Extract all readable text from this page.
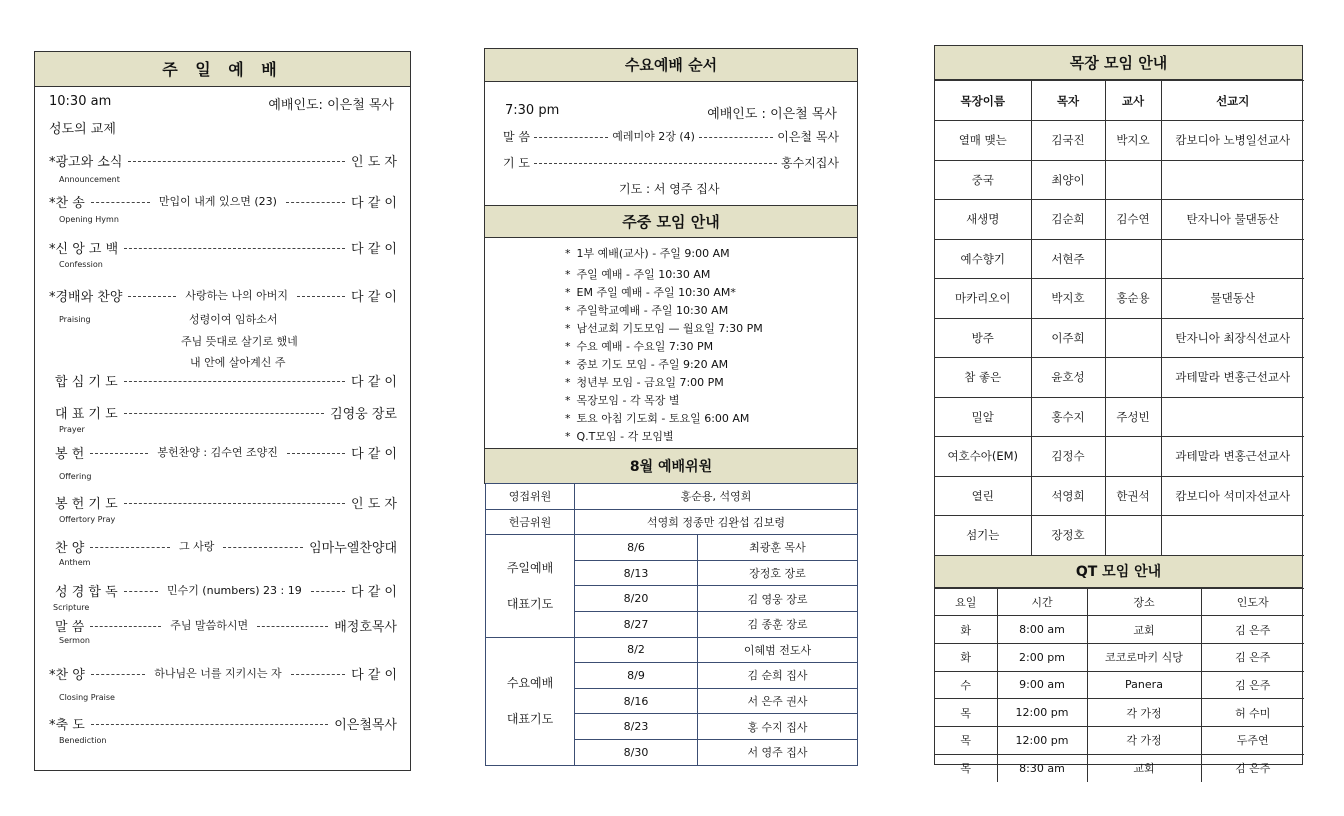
주 일 예 배
10:30 am	예배인도: 이은철 목사
성도의 교제
*광고와 소식	인 도 자
Announcement
*찬 송	만입이 내게 있으면 (23)	다 같 이
Opening Hymn
*신 앙 고 백	다 같 이
Confession
*경배와 찬양	사랑하는 나의 아버지	다 같 이
Praising	성령이여 임하소서
주님 뜻대로 살기로 했네
내 안에 살아계신 주
합 심 기 도	다 같 이
대 표 기 도	김영웅 장로
Prayer
봉 헌	봉헌찬양 : 김수연 조양진	다 같 이
Offering
봉 헌 기 도	인 도 자
Offertory Pray
찬 양	그 사랑	임마누엘찬양대
Anthem
성 경 합 독	민수기 (numbers) 23 : 19	다 같 이
Scripture
말 씀	주님 말씀하시면	배정호목사
Sermon
*찬 양	하나님은 너를 지키시는 자	다 같 이
Closing Praise
*축 도	이은철목사
Benediction
수요예배 순서
7:30 pm	예배인도 : 이은철 목사
말 씀	예레미야 2장 (4)	이은철 목사
기 도	홍수지집사
기도 : 서 영주 집사
주중 모임 안내
* 1부 예배(교사) - 주일 9:00 AM
* 주일 예배 - 주일 10:30 AM
* EM 주일 예배 - 주일 10:30 AM*
* 주일학교예배 - 주일 10:30 AM
* 남선교회 기도모임 — 월요일 7:30 PM
* 수요 예배 - 수요일 7:30 PM
* 중보 기도 모임 - 주일 9:20 AM
* 청년부 모임 - 금요일 7:00 PM
* 목장모임 - 각 목장 별
* 토요 아침 기도회 - 토요일 6:00 AM
* Q.T모임 - 각 모임별
8월 예배위원
영접위원	홍순용, 석영희	
헌금위원	석영희 정종만 김완섭 김보령	

주일예배
대표기도	8/6	최광훈 목사
	8/13	장정호 장로
	8/20	김 영웅 장로
	8/27	김 종훈 장로

수요예배
대표기도	8/2	이혜범 전도사
	8/9	김 순희 집사
	8/16	서 은주 권사
	8/23	홍 수지 집사
	8/30	서 영주 집사
목장 모임 안내
목장이름	목자	교사	선교지
열매 맺는	김국진	박지오	캄보디아 노병일선교사
중국	최양이		
새생명	김순희	김수연	탄자니아 물댄동산
예수향기	서현주		
마카리오이	박지호	홍순용	물댄동산
방주	이주희		탄자니아 최장식선교사
참 좋은	윤호성		과테말라 변홍근선교사
밀알	홍수지	주성빈	
여호수아(EM)	김정수		과테말라 변홍근선교사
열린	석영희	한권석	캄보디아 석미자선교사
섬기는	장정호		
QT 모임 안내
요일	시간	장소	인도자
화	8:00 am	교회	김 은주
화	2:00 pm	코코로마키 식당	김 은주
수	9:00 am	Panera	김 은주
목	12:00 pm	각 가정	허 수미
목	12:00 pm	각 가정	두주연
목	8:30 am	교회	김 은주
